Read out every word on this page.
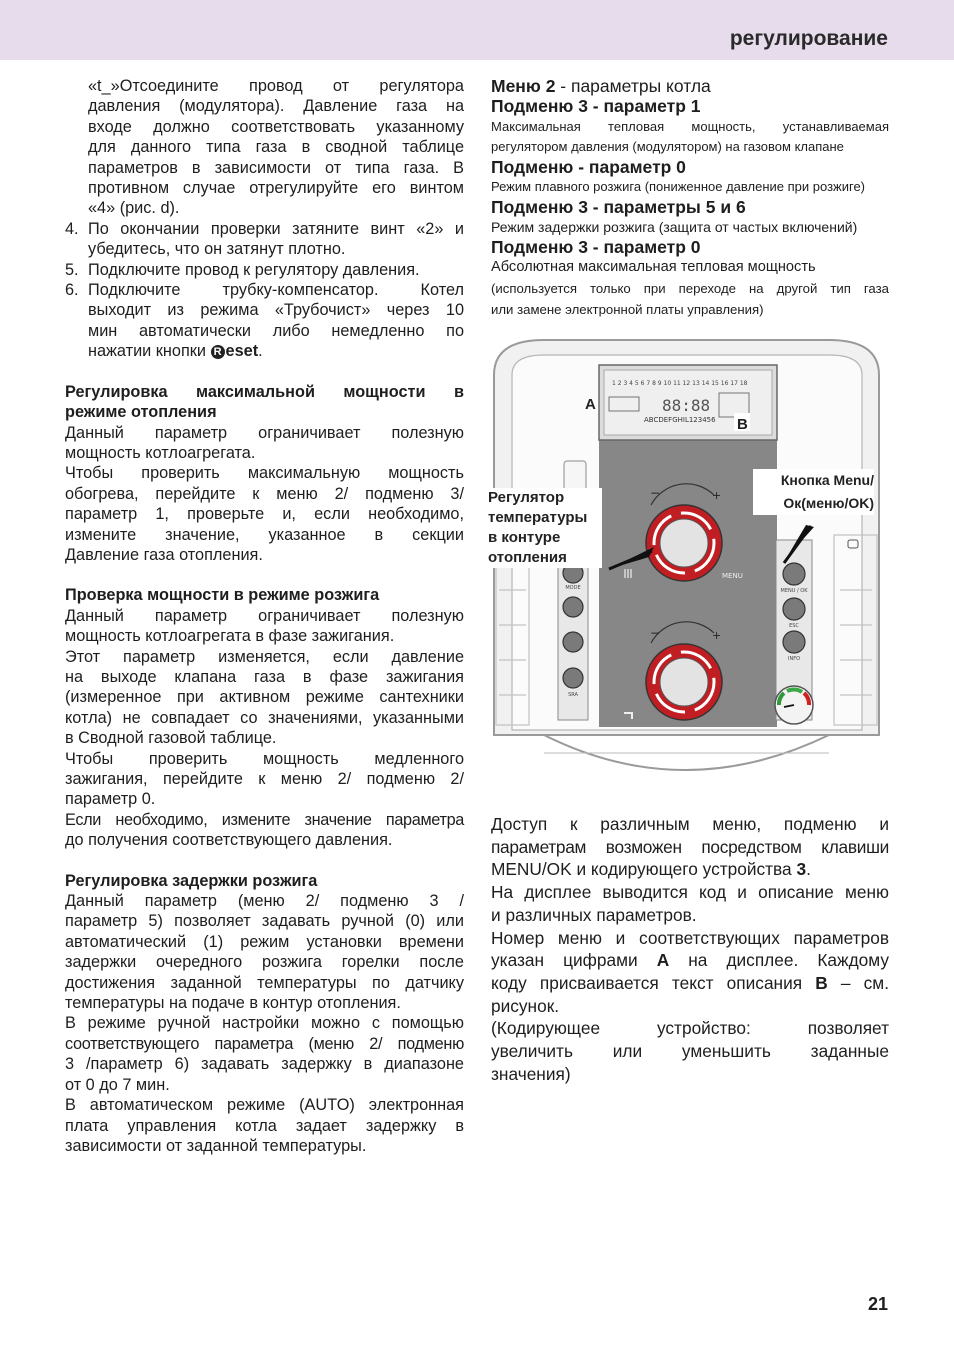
регулирование
«t_»Отсоедините провод от регулятора
давления (модулятора). Давление газа на
входе должно соответствовать указанному
для данного типа газа в сводной таблице
параметров в зависимости от типа газа. В
противном случае отрегулируйте его винтом
«4» (рис. d).
4. По окончании проверки затяните винт «2» и
убедитесь, что он затянут плотно.
5. Подключите провод к регулятору давления.
6. Подключите трубку-компенсатор. Котел
выходит из режима «Трубочист» через 10
мин автоматически либо немедленно по
нажатии кнопки R eset.
Регулировка максимальной мощности в
режиме отопления
Данный параметр ограничивает полезную
мощность котлоагрегата.
Чтобы проверить максимальную мощность
обогрева, перейдите к меню 2/ подменю 3/
параметр 1, проверьте и, если необходимо,
измените значение, указанное в секции
Давление газа отопления.
Проверка мощности в режиме розжига
Данный параметр ограничивает полезную
мощность котлоагрегата в фазе зажигания.
Этот параметр изменяется, если давление
на выходе клапана газа в фазе зажигания
(измеренное при активном режиме сантехники
котла) не совпадает со значениями, указанными
в Сводной газовой таблице.
Чтобы проверить мощность медленного
зажигания, перейдите к меню 2/ подменю 2/
параметр 0.
Если необходимо, измените значение параметра
до получения соответствующего давления.
Регулировка задержки розжига
Данный параметр (меню 2/ подменю 3 /
параметр 5) позволяет задавать ручной (0) или
автоматический (1) режим установки времени
задержки очередного розжига горелки после
достижения заданной температуры по датчику
температуры на подаче в контур отопления.
В режиме ручной настройки можно с помощью
соответствующего параметра (меню 2/ подменю
3 /параметр 6) задавать задержку в диапазоне
от 0 до 7 мин.
В автоматическом режиме (AUTO) электронная
плата управления котла задает задержку в
зависимости от заданной температуры.
Меню 2 - параметры котла
Подменю 3 - параметр 1
Максимальная тепловая мощность, устанавливаемая
регулятором давления (модулятором) на газовом клапане
Подменю - параметр 0
Режим плавного розжига (пониженное давление при розжиге)
Подменю 3 - параметры 5 и 6
Режим задержки розжига (защита от частых включений)
Подменю 3 - параметр 0
Абсолютная максимальная тепловая мощность
(используется только при переходе на другой тип газа
или замене электронной платы управления)
1 2 3 4 5 6 7 8 9 10 11 12 13 14 15 16 17 18
ABCDEFGHIL123456
88:88
A
B
MODE
SRA
MENU / OK
ESC
INFO
−	+
MENU
−	+
Регулятор
температуры
в контуре
отопления
Кнопка Menu/
Ок(меню/OK)
Доступ к различным меню, подменю и
параметрам возможен посредством клавиши
MENU/OK и кодирующего устройства 3.
На дисплее выводится код и описание меню
и различных параметров.
Номер меню и соответствующих параметров
указан цифрами A на дисплее. Каждому
коду присваивается текст описания B – см.
рисунок.
(Кодирующее устройство: позволяет
увеличить или уменьшить заданные
значения)
21
